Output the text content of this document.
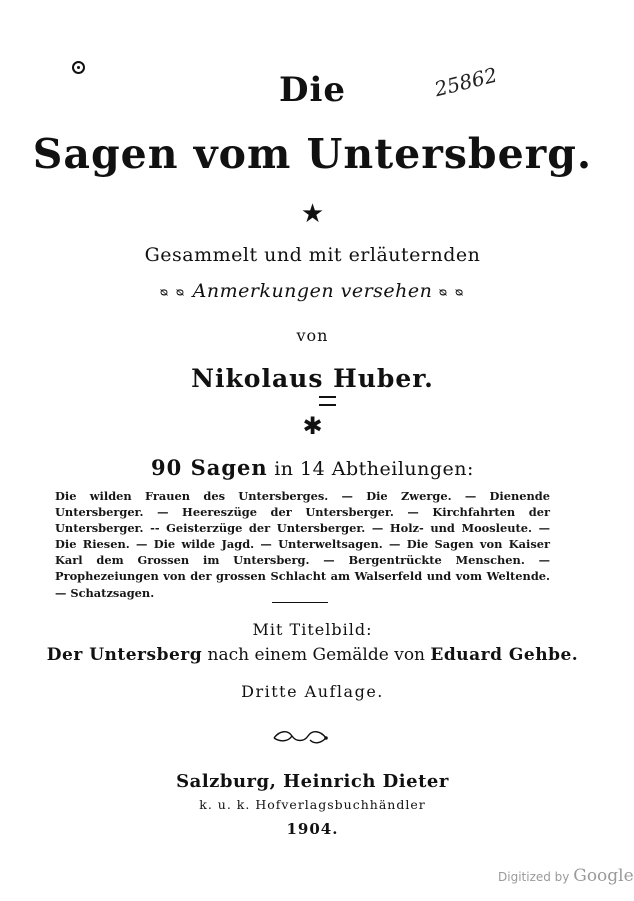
25862
Die
Sagen vom Untersberg.
★
Gesammelt und mit erläuternden
ᴓ ᴓ Anmerkungen versehen ᴓ ᴓ
von
Nikolaus Huber.
✱
90 Sagen in 14 Abtheilungen:
Die wilden Frauen des Untersberges. — Die Zwerge. — Dienende Untersberger. — Heereszüge der Untersberger. — Kirchfahrten der Untersberger. -- Geisterzüge der Untersberger. — Holz- und Moosleute. — Die Riesen. — Die wilde Jagd. — Unterweltsagen. — Die Sagen von Kaiser Karl dem Grossen im Untersberg. — Bergentrückte Menschen. — Prophezeiungen von der grossen Schlacht am Walserfeld und vom Weltende. — Schatzsagen.
Mit Titelbild:
Der Untersberg nach einem Gemälde von Eduard Gehbe.
Dritte Auflage.
Salzburg, Heinrich Dieter
k. u. k. Hofverlagsbuchhändler
1904.
Digitized by Google
